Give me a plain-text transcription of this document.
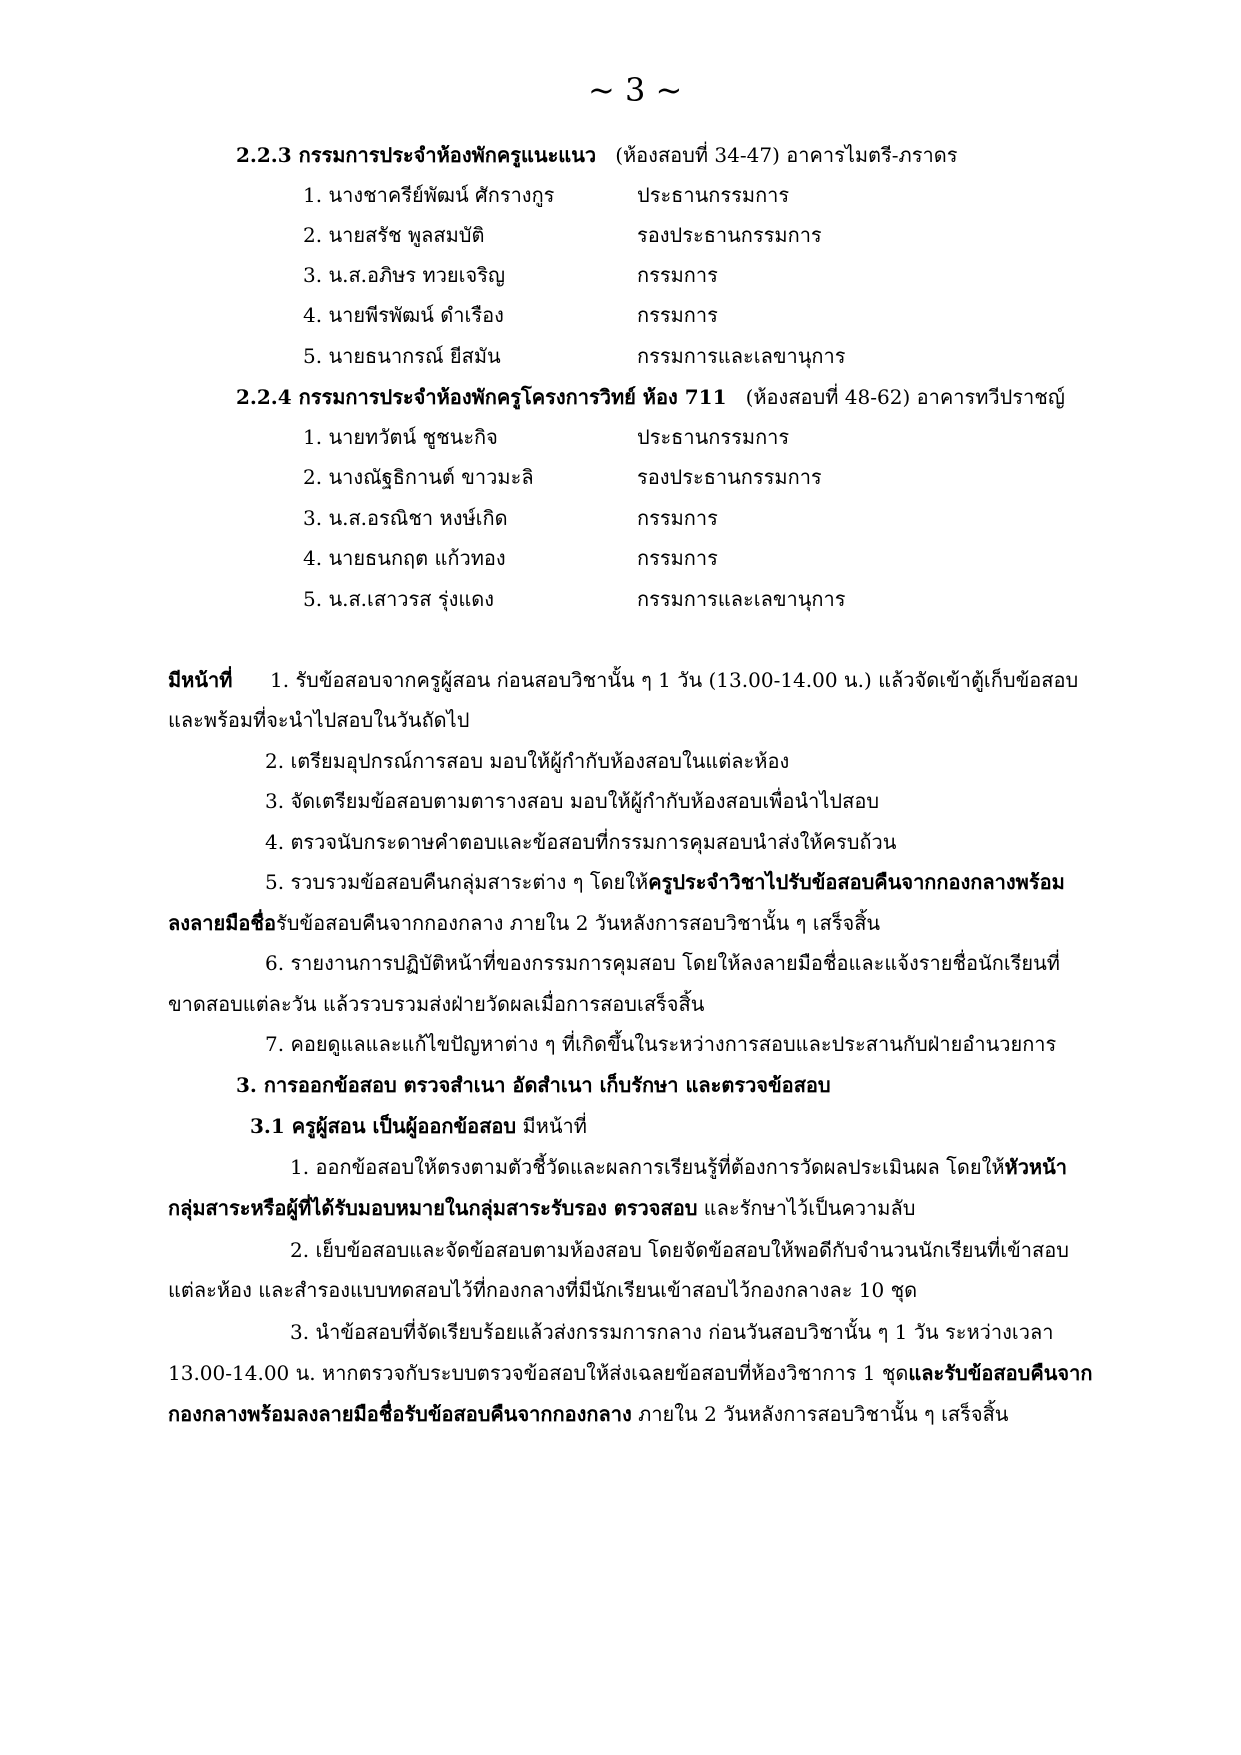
~ 3 ~
2.2.3 กรรมการประจำห้องพักครูแนะแนว (ห้องสอบที่ 34-47) อาคารไมตรี-ภราดร
1. นางชาครีย์พัฒน์ ศักรางกูร	ประธานกรรมการ
2. นายสรัช พูลสมบัติ	รองประธานกรรมการ
3. น.ส.อภิษร ทวยเจริญ	กรรมการ
4. นายพีรพัฒน์ ดำเรือง	กรรมการ
5. นายธนากรณ์ ยีสมัน	กรรมการและเลขานุการ
2.2.4 กรรมการประจำห้องพักครูโครงการวิทย์ ห้อง 711 (ห้องสอบที่ 48-62) อาคารทวีปราชญ์
1. นายทวัตน์ ชูชนะกิจ	ประธานกรรมการ
2. นางณัฐธิกานต์ ขาวมะลิ	รองประธานกรรมการ
3. น.ส.อรณิชา หงษ์เกิด	กรรมการ
4. นายธนกฤต แก้วทอง	กรรมการ
5. น.ส.เสาวรส รุ่งแดง	กรรมการและเลขานุการ
มีหน้าที่ 1. รับข้อสอบจากครูผู้สอน ก่อนสอบวิชานั้น ๆ 1 วัน (13.00-14.00 น.) แล้วจัดเข้าตู้เก็บข้อสอบ
และพร้อมที่จะนำไปสอบในวันถัดไป
2. เตรียมอุปกรณ์การสอบ มอบให้ผู้กำกับห้องสอบในแต่ละห้อง
3. จัดเตรียมข้อสอบตามตารางสอบ มอบให้ผู้กำกับห้องสอบเพื่อนำไปสอบ
4. ตรวจนับกระดาษคำตอบและข้อสอบที่กรรมการคุมสอบนำส่งให้ครบถ้วน
5. รวบรวมข้อสอบคืนกลุ่มสาระต่าง ๆ โดยให้ครูประจำวิชาไปรับข้อสอบคืนจากกองกลางพร้อม
ลงลายมือชื่อรับข้อสอบคืนจากกองกลาง ภายใน 2 วันหลังการสอบวิชานั้น ๆ เสร็จสิ้น
6. รายงานการปฏิบัติหน้าที่ของกรรมการคุมสอบ โดยให้ลงลายมือชื่อและแจ้งรายชื่อนักเรียนที่
ขาดสอบแต่ละวัน แล้วรวบรวมส่งฝ่ายวัดผลเมื่อการสอบเสร็จสิ้น
7. คอยดูแลและแก้ไขปัญหาต่าง ๆ ที่เกิดขึ้นในระหว่างการสอบและประสานกับฝ่ายอำนวยการ
3. การออกข้อสอบ ตรวจสำเนา อัดสำเนา เก็บรักษา และตรวจข้อสอบ
3.1 ครูผู้สอน เป็นผู้ออกข้อสอบ มีหน้าที่
1. ออกข้อสอบให้ตรงตามตัวชี้วัดและผลการเรียนรู้ที่ต้องการวัดผลประเมินผล โดยให้หัวหน้า
กลุ่มสาระหรือผู้ที่ได้รับมอบหมายในกลุ่มสาระรับรอง ตรวจสอบ และรักษาไว้เป็นความลับ
2. เย็บข้อสอบและจัดข้อสอบตามห้องสอบ โดยจัดข้อสอบให้พอดีกับจำนวนนักเรียนที่เข้าสอบ
แต่ละห้อง และสำรองแบบทดสอบไว้ที่กองกลางที่มีนักเรียนเข้าสอบไว้กองกลางละ 10 ชุด
3. นำข้อสอบที่จัดเรียบร้อยแล้วส่งกรรมการกลาง ก่อนวันสอบวิชานั้น ๆ 1 วัน ระหว่างเวลา
13.00-14.00 น. หากตรวจกับระบบตรวจข้อสอบให้ส่งเฉลยข้อสอบที่ห้องวิชาการ 1 ชุดและรับข้อสอบคืนจาก
กองกลางพร้อมลงลายมือชื่อรับข้อสอบคืนจากกองกลาง ภายใน 2 วันหลังการสอบวิชานั้น ๆ เสร็จสิ้น
